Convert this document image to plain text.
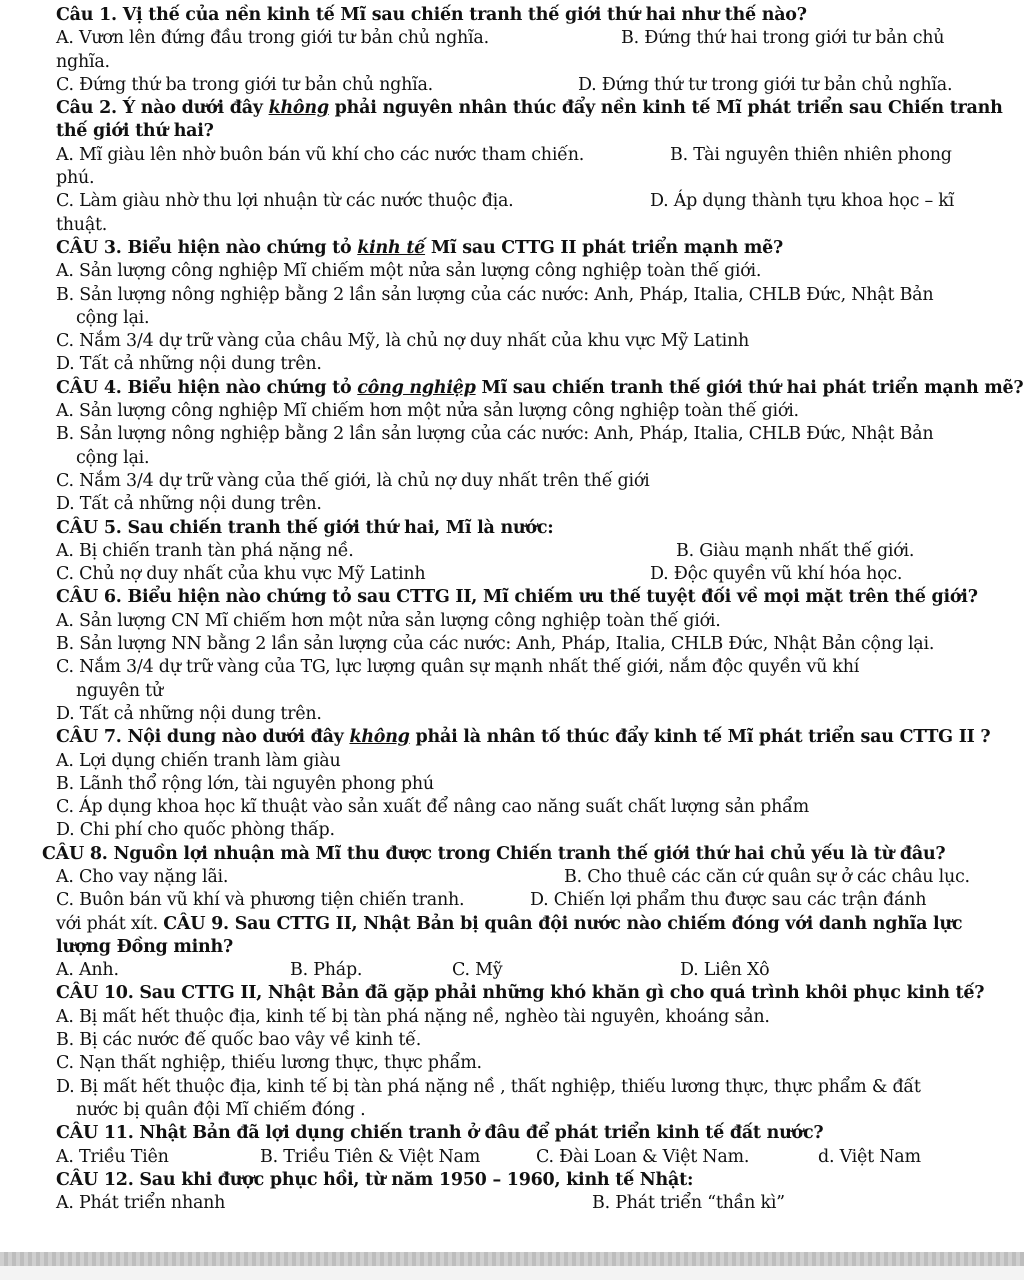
Câu 1. Vị thế của nền kinh tế Mĩ sau chiến tranh thế giới thứ hai như thế nào?
A. Vươn lên đứng đầu trong giới tư bản chủ nghĩa.	B. Đứng thứ hai trong giới tư bản chủ
nghĩa.
C. Đứng thứ ba trong giới tư bản chủ nghĩa.	D. Đứng thứ tư trong giới tư bản chủ nghĩa.
Câu 2. Ý nào dưới đây không phải nguyên nhân thúc đẩy nền kinh tế Mĩ phát triển sau Chiến tranh
thế giới thứ hai?
A. Mĩ giàu lên nhờ buôn bán vũ khí cho các nước tham chiến.	B. Tài nguyên thiên nhiên phong
phú.
C. Làm giàu nhờ thu lợi nhuận từ các nước thuộc địa.	D. Áp dụng thành tựu khoa học – kĩ
thuật.
CÂU 3. Biểu hiện nào chứng tỏ kinh tế Mĩ sau CTTG II phát triển mạnh mẽ?
A. Sản lượng công nghiệp Mĩ chiếm một nửa sản lượng công nghiệp toàn thế giới.
B. Sản lượng nông nghiệp bằng 2 lần sản lượng của các nước: Anh, Pháp, Italia, CHLB Đức, Nhật Bản
cộng lại.
C. Nắm 3/4 dự trữ vàng của châu Mỹ, là chủ nợ duy nhất của khu vực Mỹ Latinh
D. Tất cả những nội dung trên.
CÂU 4. Biểu hiện nào chứng tỏ công nghiệp Mĩ sau chiến tranh thế giới thứ hai phát triển mạnh mẽ?
A. Sản lượng công nghiệp Mĩ chiếm hơn một nửa sản lượng công nghiệp toàn thế giới.
B. Sản lượng nông nghiệp bằng 2 lần sản lượng của các nước: Anh, Pháp, Italia, CHLB Đức, Nhật Bản
cộng lại.
C. Nắm 3/4 dự trữ vàng của thế giới, là chủ nợ duy nhất trên thế giới
D. Tất cả những nội dung trên.
CÂU 5. Sau chiến tranh thế giới thứ hai, Mĩ là nước:
A. Bị chiến tranh tàn phá nặng nề.	B. Giàu mạnh nhất thế giới.
C. Chủ nợ duy nhất của khu vực Mỹ Latinh	D. Độc quyền vũ khí hóa học.
CÂU 6. Biểu hiện nào chứng tỏ sau CTTG II, Mĩ chiếm ưu thế tuyệt đối về mọi mặt trên thế giới?
A. Sản lượng CN Mĩ chiếm hơn một nửa sản lượng công nghiệp toàn thế giới.
B. Sản lượng NN bằng 2 lần sản lượng của các nước: Anh, Pháp, Italia, CHLB Đức, Nhật Bản cộng lại.
C. Nắm 3/4 dự trữ vàng của TG, lực lượng quân sự mạnh nhất thế giới, nắm độc quyền vũ khí
nguyên tử
D. Tất cả những nội dung trên.
CÂU 7. Nội dung nào dưới đây không phải là nhân tố thúc đẩy kinh tế Mĩ phát triển sau CTTG II ?
A. Lợi dụng chiến tranh làm giàu
B. Lãnh thổ rộng lớn, tài nguyên phong phú
C. Áp dụng khoa học kĩ thuật vào sản xuất để nâng cao năng suất chất lượng sản phẩm
D. Chi phí cho quốc phòng thấp.
CÂU 8. Nguồn lợi nhuận mà Mĩ thu được trong Chiến tranh thế giới thứ hai chủ yếu là từ đâu?
A. Cho vay nặng lãi.	B. Cho thuê các căn cứ quân sự ở các châu lục.
C. Buôn bán vũ khí và phương tiện chiến tranh.	D. Chiến lợi phẩm thu được sau các trận đánh
với phát xít. CÂU 9. Sau CTTG II, Nhật Bản bị quân đội nước nào chiếm đóng với danh nghĩa lực
lượng Đồng minh?
A. Anh.	B. Pháp.	C. Mỹ	D. Liên Xô
CÂU 10. Sau CTTG II, Nhật Bản đã gặp phải những khó khăn gì cho quá trình khôi phục kinh tế?
A. Bị mất hết thuộc địa, kinh tế bị tàn phá nặng nề, nghèo tài nguyên, khoáng sản.
B. Bị các nước đế quốc bao vây về kinh tế.
C. Nạn thất nghiệp, thiếu lương thực, thực phẩm.
D. Bị mất hết thuộc địa, kinh tế bị tàn phá nặng nề , thất nghiệp, thiếu lương thực, thực phẩm & đất
nước bị quân đội Mĩ chiếm đóng .
CÂU 11. Nhật Bản đã lợi dụng chiến tranh ở đâu để phát triển kinh tế đất nước?
A. Triều Tiên	B. Triều Tiên & Việt Nam	C. Đài Loan & Việt Nam.	d. Việt Nam
CÂU 12. Sau khi được phục hồi, từ năm 1950 – 1960, kinh tế Nhật:
A. Phát triển nhanh	B. Phát triển “thần kì”
